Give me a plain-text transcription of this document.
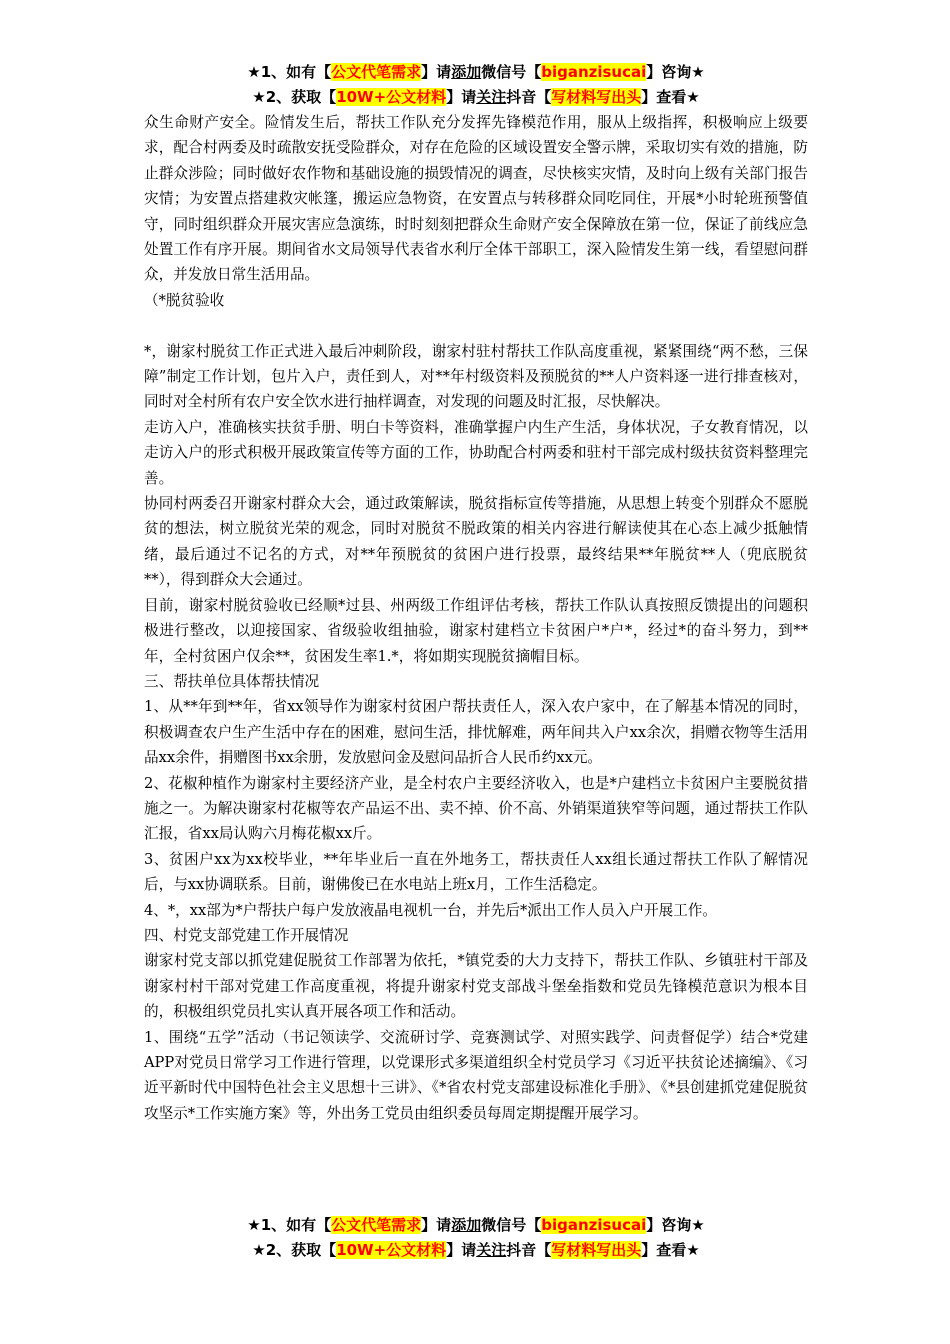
★1、如有【公文代笔需求】请添加微信号【biganzisucai】咨询★
★2、获取【10W+公文材料】请关注抖音【写材料写出头】查看★

众生命财产安全。险情发生后，帮扶工作队充分发挥先锋模范作用，服从上级指挥，积极响应上级要求，配合村两委及时疏散安抚受险群众，对存在危险的区域设置安全警示牌，采取切实有效的措施，防止群众涉险；同时做好农作物和基础设施的损毁情况的调查，尽快核实灾情，及时向上级有关部门报告灾情；为安置点搭建救灾帐篷，搬运应急物资，在安置点与转移群众同吃同住，开展*小时轮班预警值守，同时组织群众开展灾害应急演练，时时刻刻把群众生命财产安全保障放在第一位，保证了前线应急处置工作有序开展。期间省水文局领导代表省水利厅全体干部职工，深入险情发生第一线，看望慰问群众，并发放日常生活用品。

（*脱贫验收

*，谢家村脱贫工作正式进入最后冲刺阶段，谢家村驻村帮扶工作队高度重视，紧紧围绕“两不愁，三保障”制定工作计划，包片入户，责任到人，对**年村级资料及预脱贫的**人户资料逐一进行排查核对，同时对全村所有农户安全饮水进行抽样调查，对发现的问题及时汇报，尽快解决。

走访入户，准确核实扶贫手册、明白卡等资料，准确掌握户内生产生活，身体状况，子女教育情况，以走访入户的形式积极开展政策宣传等方面的工作，协助配合村两委和驻村干部完成村级扶贫资料整理完善。

协同村两委召开谢家村群众大会，通过政策解读，脱贫指标宣传等措施，从思想上转变个别群众不愿脱贫的想法，树立脱贫光荣的观念，同时对脱贫不脱政策的相关内容进行解读使其在心态上减少抵触情绪，最后通过不记名的方式，对**年预脱贫的贫困户进行投票，最终结果**年脱贫**人（兜底脱贫**），得到群众大会通过。

目前，谢家村脱贫验收已经顺*过县、州两级工作组评估考核，帮扶工作队认真按照反馈提出的问题积极进行整改，以迎接国家、省级验收组抽验，谢家村建档立卡贫困户*户*，经过*的奋斗努力，到**年，全村贫困户仅余**，贫困发生率1.*，将如期实现脱贫摘帽目标。

三、帮扶单位具体帮扶情况

1、从**年到**年，省xx领导作为谢家村贫困户帮扶责任人，深入农户家中，在了解基本情况的同时，积极调查农户生产生活中存在的困难，慰问生活，排忧解难，两年间共入户xx余次，捐赠衣物等生活用品xx余件，捐赠图书xx余册，发放慰问金及慰问品折合人民币约xx元。

2、花椒种植作为谢家村主要经济产业，是全村农户主要经济收入，也是*户建档立卡贫困户主要脱贫措施之一。为解决谢家村花椒等农产品运不出、卖不掉、价不高、外销渠道狭窄等问题，通过帮扶工作队汇报，省xx局认购六月梅花椒xx斤。

3、贫困户xx为xx校毕业，**年毕业后一直在外地务工，帮扶责任人xx组长通过帮扶工作队了解情况后，与xx协调联系。目前，谢佛俊已在水电站上班x月，工作生活稳定。

4、*，xx部为*户帮扶户每户发放液晶电视机一台，并先后*派出工作人员入户开展工作。

四、村党支部党建工作开展情况

谢家村党支部以抓党建促脱贫工作部署为依托，*镇党委的大力支持下，帮扶工作队、乡镇驻村干部及谢家村村干部对党建工作高度重视，将提升谢家村党支部战斗堡垒指数和党员先锋模范意识为根本目的，积极组织党员扎实认真开展各项工作和活动。

1、围绕“五学”活动（书记领读学、交流研讨学、竞赛测试学、对照实践学、问责督促学）结合*党建APP对党员日常学习工作进行管理，以党课形式多渠道组织全村党员学习《习近平扶贫论述摘编》、《习近平新时代中国特色社会主义思想十三讲》、《*省农村党支部建设标准化手册》、《*县创建抓党建促脱贫攻坚示*工作实施方案》等，外出务工党员由组织委员每周定期提醒开展学习。

★1、如有【公文代笔需求】请添加微信号【biganzisucai】咨询★
★2、获取【10W+公文材料】请关注抖音【写材料写出头】查看★
